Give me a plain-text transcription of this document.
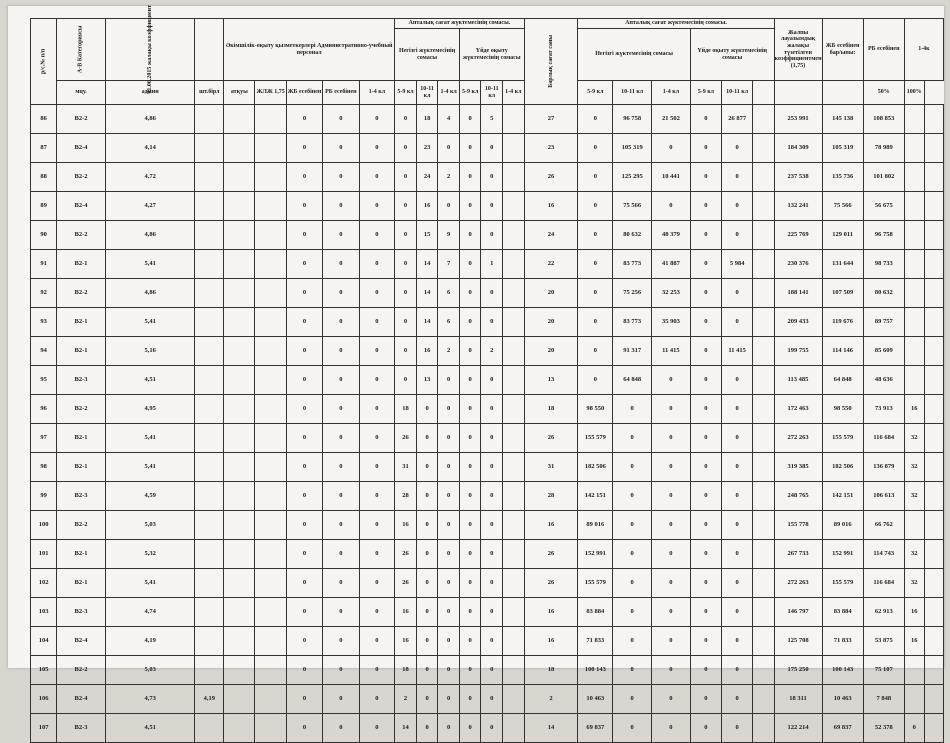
р/с.№ п/п	А-В Категориясы	01.06.2015 жалақы коэффициент		Әкімшілік-оқыту қызметкерлері Административно-учебный персонал					Апталық сағат жүктемесінің сомасы.						Барлық сағат саны	Апталық сағат жүктемесінің сомасы.						Жалпы лауазымдық жалақы түзетілген коэффициентмен (1,75)	ЖБ есебінен бар/ыпы:	РБ есебінен	1-4к	
									Негізгі жүктемесінің сомасы			Үйде оқыту жүктемесінің сомасы				Негізгі жүктемесінің сомасы			Үйде оқыту жүктемесінің сомасы							
	мцу.	админ	шт.бірл	атқуы	ЖЛЖ 1,75	ЖБ есебінен	РБ есебінен	1-4 кл	5-9 кл	10-11 кл	1-4 кл	5-9 кл	10-11 кл	1-4 кл		5-9 кл	10-11 кл	1-4 кл	5-9 кл	10-11 кл				50%	100%	
86	В2-2	4,86				0	0	0	0	18	4	0	5		27	0	96 758	21 502	0	26 877		253 991	145 138	108 853		
87	В2-4	4,14				0	0	0	0	23	0	0	0		23	0	105 319	0	0	0		184 309	105 319	78 989		
88	В2-2	4,72				0	0	0	0	24	2	0	0		26	0	125 295	10 441	0	0		237 538	135 736	101 802		
89	В2-4	4,27				0	0	0	0	16	0	0	0		16	0	75 566	0	0	0		132 241	75 566	56 675		
90	В2-2	4,86				0	0	0	0	15	9	0	0		24	0	80 632	48 379	0	0		225 769	129 011	96 758		
91	В2-1	5,41				0	0	0	0	14	7	0	1		22	0	83 773	41 887	0	5 984		230 376	131 644	98 733		
92	В2-2	4,86				0	0	0	0	14	6	0	0		20	0	75 256	32 253	0	0		188 141	107 509	80 632		
93	В2-1	5,41				0	0	0	0	14	6	0	0		20	0	83 773	35 903	0	0		209 433	119 676	89 757		
94	В2-1	5,16				0	0	0	0	16	2	0	2		20	0	91 317	11 415	0	11 415		199 755	114 146	85 609		
95	В2-3	4,51				0	0	0	0	13	0	0	0		13	0	64 848	0	0	0		113 485	64 848	48 636		
96	В2-2	4,95				0	0	0	18	0	0	0	0		18	98 550	0	0	0	0		172 463	98 550	73 913	16	
97	В2-1	5,41				0	0	0	26	0	0	0	0		26	155 579	0	0	0	0		272 263	155 579	116 684	32	
98	В2-1	5,41				0	0	0	31	0	0	0	0		31	182 506	0	0	0	0		319 385	182 506	136 879	32	
99	В2-3	4,59				0	0	0	28	0	0	0	0		28	142 151	0	0	0	0		248 765	142 151	106 613	32	
100	В2-2	5,03				0	0	0	16	0	0	0	0		16	89 016	0	0	0	0		155 778	89 016	66 762		
101	В2-1	5,32				0	0	0	26	0	0	0	0		26	152 991	0	0	0	0		267 733	152 991	114 743	32	
102	В2-1	5,41				0	0	0	26	0	0	0	0		26	155 579	0	0	0	0		272 263	155 579	116 684	32	
103	В2-3	4,74				0	0	0	16	0	0	0	0		16	83 884	0	0	0	0		146 797	83 884	62 913	16	
104	В2-4	4,19				0	0	0	16	0	0	0	0		16	71 833	0	0	0	0		125 708	71 833	53 875	16	
105	В2-2	5,03				0	0	0	18	0	0	0	0		18	100 143	0	0	0	0		175 250	100 143	75 107		
106	В2-4	4,73	4,19			0	0	0	2	0	0	0	0		2	10 463	0	0	0	0		18 311	10 463	7 848		
107	В2-3	4,51				0	0	0	14	0	0	0	0		14	69 837	0	0	0	0		122 214	69 837	52 378	0	
